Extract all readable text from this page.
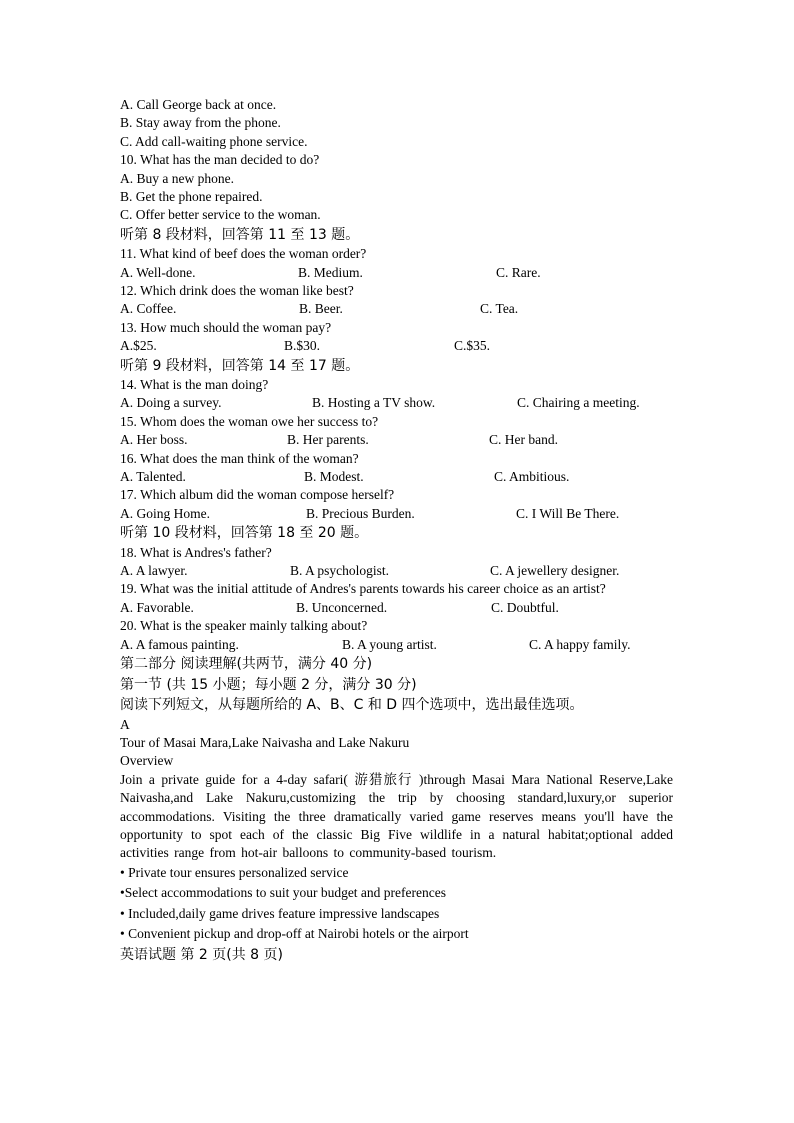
A. Call George back at once.
B. Stay away from the phone.
C. Add call-waiting phone service.
10. What has the man decided to do?
A. Buy a new phone.
B. Get the phone repaired.
C. Offer better service to the woman.
听第 8 段材料，回答第 11 至 13 题。
11. What kind of beef does the woman order?
A. Well-done.	B. Medium.	C. Rare.
12. Which drink does the woman like best?
A. Coffee.	B. Beer.	C. Tea.
13. How much should the woman pay?
A.$25.	B.$30.	C.$35.
听第 9 段材料，回答第 14 至 17 题。
14. What is the man doing?
A. Doing a survey.	B. Hosting a TV show.	C. Chairing a meeting.
15. Whom does the woman owe her success to?
A. Her boss.	B. Her parents.	C. Her band.
16. What does the man think of the woman?
A. Talented.	B. Modest.	C. Ambitious.
17. Which album did the woman compose herself?
A. Going Home.	B. Precious Burden.	C. I Will Be There.
听第 10 段材料，回答第 18 至 20 题。
18. What is Andres's father?
A. A lawyer.	B. A psychologist.	C. A jewellery designer.
19. What was the initial attitude of Andres's parents towards his career choice as an artist?
A. Favorable.	B. Unconcerned.	C. Doubtful.
20. What is the speaker mainly talking about?
A. A famous painting.	B. A young artist.	C. A happy family.
第二部分 阅读理解(共两节，满分 40 分)
第一节 (共 15 小题；每小题 2 分，满分 30 分)
阅读下列短文，从每题所给的 A、B、C 和 D 四个选项中，选出最佳选项。
A
Tour of Masai Mara,Lake Naivasha and Lake Nakuru
Overview

Join a private guide for a 4-day safari( 游猎旅行 )through Masai Mara National Reserve,Lake Naivasha,and Lake Nakuru,customizing the trip by choosing standard,luxury,or superior accommodations. Visiting the three dramatically varied game reserves means you'll have the opportunity to spot each of the classic Big Five wildlife in a natural habitat;optional added activities range from hot-air balloons to community-based tourism.

• Private tour ensures personalized service
•Select accommodations to suit your budget and preferences
• Included,daily game drives feature impressive landscapes
• Convenient pickup and drop-off at Nairobi hotels or the airport
英语试题 第 2 页(共 8 页)
